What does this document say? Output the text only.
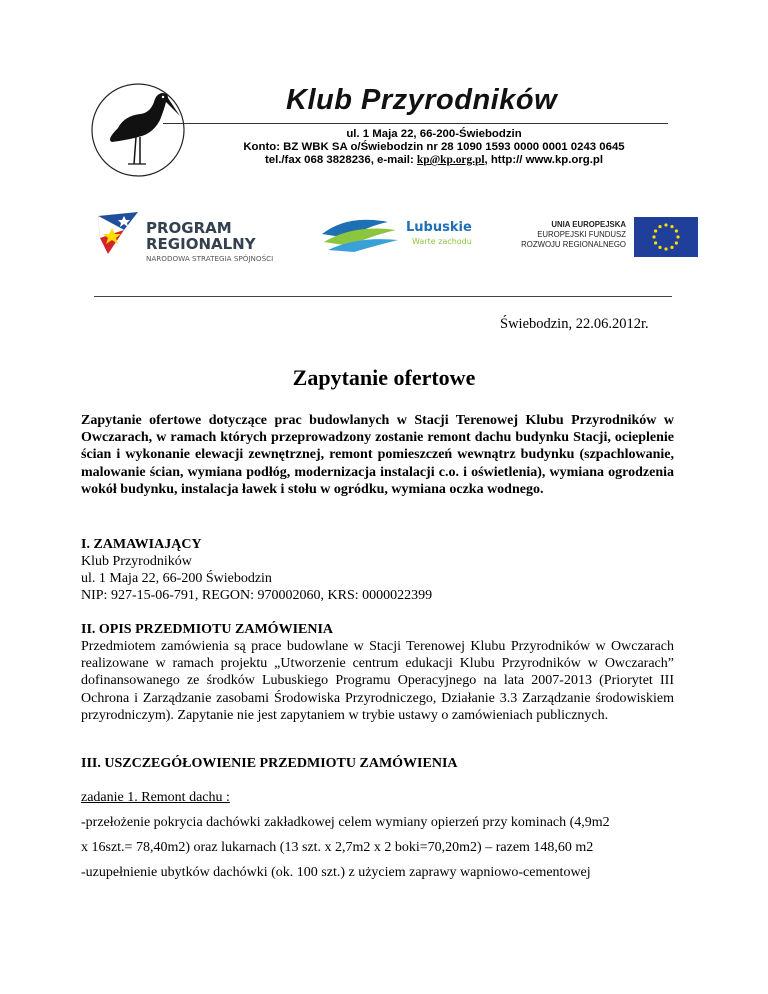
Klub Przyrodników
ul. 1 Maja 22, 66-200-Świebodzin
Konto: BZ WBK SA o/Świebodzin nr 28 1090 1593 0000 0001 0243 0645
tel./fax 068 3828236, e-mail: kp@kp.org.pl, http:// www.kp.org.pl
PROGRAM
REGIONALNY
NARODOWA STRATEGIA SPÓJNOŚCI
Lubuskie
Warte zachodu
UNIA EUROPEJSKA
EUROPEJSKI FUNDUSZ
ROZWOJU REGIONALNEGO
Świebodzin, 22.06.2012r.
Zapytanie ofertowe
Zapytanie ofertowe dotyczące prac budowlanych w Stacji Terenowej Klubu Przyrodników w Owczarach, w ramach których przeprowadzony zostanie remont dachu budynku Stacji, ocieplenie ścian i wykonanie elewacji zewnętrznej, remont pomieszczeń wewnątrz budynku (szpachlowanie, malowanie ścian, wymiana podłóg, modernizacja instalacji c.o. i oświetlenia), wymiana ogrodzenia wokół budynku, instalacja ławek i stołu w ogródku, wymiana oczka wodnego.
I. ZAMAWIAJĄCY
Klub Przyrodników
ul. 1 Maja 22, 66-200 Świebodzin
NIP: 927-15-06-791, REGON: 970002060, KRS: 0000022399
II. OPIS PRZEDMIOTU ZAMÓWIENIA
Przedmiotem zamówienia są prace budowlane w Stacji Terenowej Klubu Przyrodników w Owczarach realizowane w ramach projektu „Utworzenie centrum edukacji Klubu Przyrodników w Owczarach” dofinansowanego ze środków Lubuskiego Programu Operacyjnego na lata 2007-2013 (Priorytet III Ochrona i Zarządzanie zasobami Środowiska Przyrodniczego, Działanie 3.3 Zarządzanie środowiskiem przyrodniczym). Zapytanie nie jest zapytaniem w trybie ustawy o zamówieniach publicznych.
III. USZCZEGÓŁOWIENIE PRZEDMIOTU ZAMÓWIENIA
zadanie 1. Remont dachu :
-przełożenie pokrycia dachówki zakładkowej celem wymiany opierzeń przy kominach (4,9m2
x 16szt.= 78,40m2) oraz lukarnach (13 szt. x 2,7m2 x 2 boki=70,20m2) – razem 148,60 m2
-uzupełnienie ubytków dachówki (ok. 100 szt.) z użyciem zaprawy wapniowo-cementowej
